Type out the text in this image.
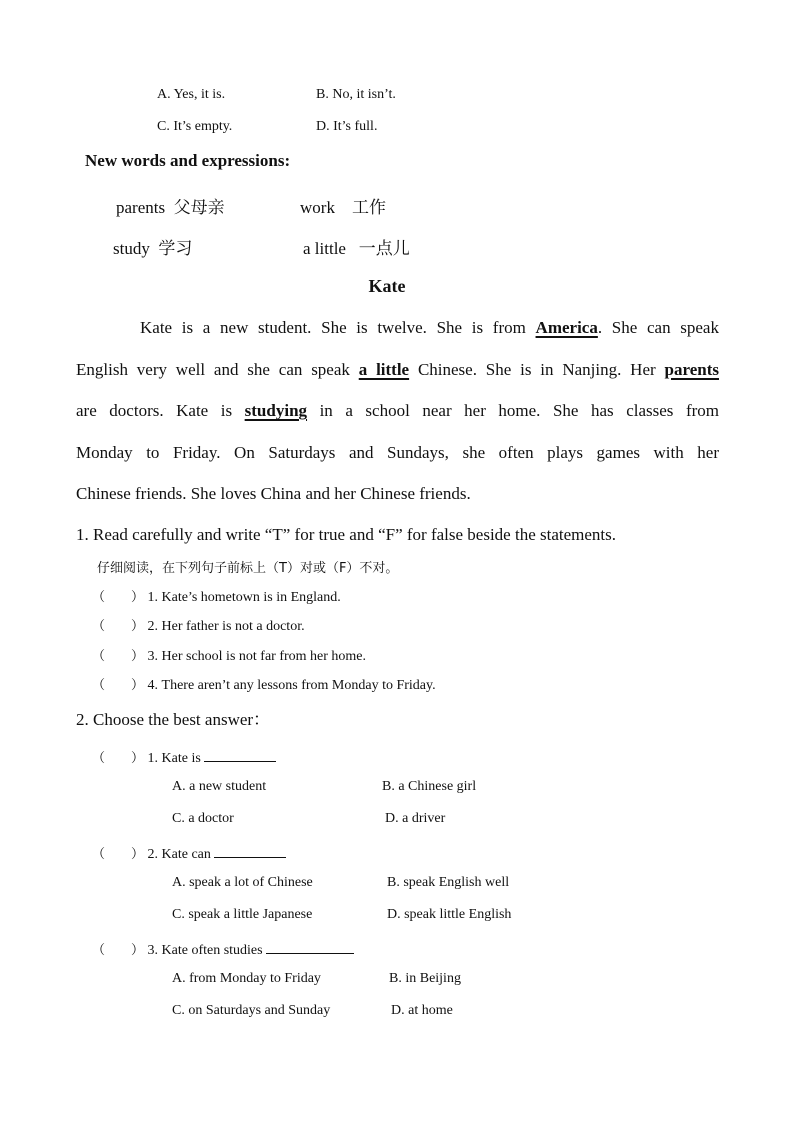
A. Yes, it is.	B. No, it isn’t.
C. It’s empty.	D. It’s full.
New words and expressions:
parents 父母亲	work 工作
study 学习	a little 一点儿
Kate
Kate is a new student. She is twelve. She is from America. She can speak
English very well and she can speak a little Chinese. She is in Nanjing. Her parents
are doctors. Kate is studying in a school near her home. She has classes from
Monday to Friday. On Saturdays and Sundays, she often plays games with her
Chinese friends. She loves China and her Chinese friends.
1. Read carefully and write “T” for true and “F” for false beside the statements.
仔细阅读，在下列句子前标上（T）对或（F）不对。
（　　） 1. Kate’s hometown is in England.
（　　） 2. Her father is not a doctor.
（　　） 3. Her school is not far from her home.
（　　） 4. There aren’t any lessons from Monday to Friday.
2. Choose the best answer：
（　　） 1. Kate is
A. a new student	B. a Chinese girl
C. a doctor	D. a driver
（　　） 2. Kate can
A. speak a lot of Chinese	B. speak English well
C. speak a little Japanese	D. speak little English
（　　） 3. Kate often studies
A. from Monday to Friday	B. in Beijing
C. on Saturdays and Sunday	D. at home
